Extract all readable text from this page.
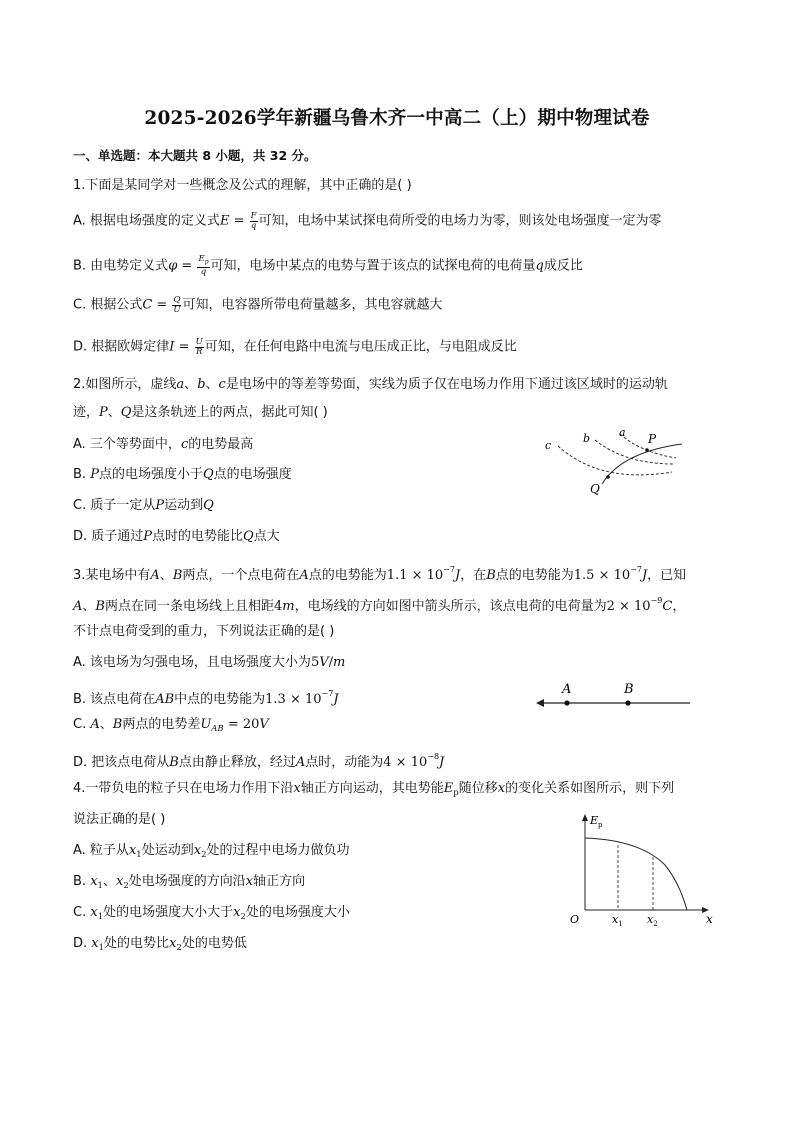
2025-2026学年新疆乌鲁木齐一中高二（上）期中物理试卷
一、单选题：本大题共 8 小题，共 32 分。
1.下面是某同学对一些概念及公式的理解，其中正确的是( )
A. 根据电场强度的定义式$E = \frac{F}{q}$ 可知，电场中某试探电荷所受的电场力为零，则该处电场强度一定为零
B. 由电势定义式$\varphi = \frac{E_p}{q}$ 可知，电场中某点的电势与置于该点的试探电荷的电荷量q成反比
C. 根据公式$C = \frac{Q}{U}$ 可知，电容器所带电荷量越多，其电容就越大
D. 根据欧姆定律$I = \frac{U}{R}$ 可知，在任何电路中电流与电压成正比，与电阻成反比
2.如图所示，虚线a、b、c是电场中的等差等势面，实线为质子仅在电场力作用下通过该区域时的运动轨
迹，P、Q是这条轨迹上的两点，据此可知( )
A. 三个等势面中，c的电势最高
B. P点的电场强度小于Q点的电场强度
C. 质子一定从P运动到Q
D. 质子通过P点时的电势能比Q点大
a
b
c	P
Q
3.某电场中有A、B两点，一个点电荷在A点的电势能为$1.1 \times 10^{-7}J$，在B点的电势能为$1.5 \times 10^{-7}J$，已知
A、B两点在同一条电场线上且相距4m，电场线的方向如图中箭头所示，该点电荷的电荷量为$2 \times 10^{-9}C$，
不计点电荷受到的重力，下列说法正确的是( )
A. 该电场为匀强电场，且电场强度大小为5V/m
B. 该点电荷在AB中点的电势能为$1.3 \times 10^{-7}J$
C. A、B两点的电势差$U_{AB} = 20V$
D. 把该点电荷从B点由静止释放，经过A点时，动能为$4 \times 10^{-8}J$
A	B
4.一带负电的粒子只在电场力作用下沿x轴正方向运动，其电势能$E_p$随位移x的变化关系如图所示，则下列
说法正确的是( )
A. 粒子从$x_1$处运动到$x_2$处的过程中电场力做负功
B. $x_1$、$x_2$处电场强度的方向沿x轴正方向
C. $x_1$处的电场强度大小大于$x_2$处的电场强度大小
D. $x_1$处的电势比$x_2$处的电势低
$E_p$
O	$x_1$ $x_2$	x
